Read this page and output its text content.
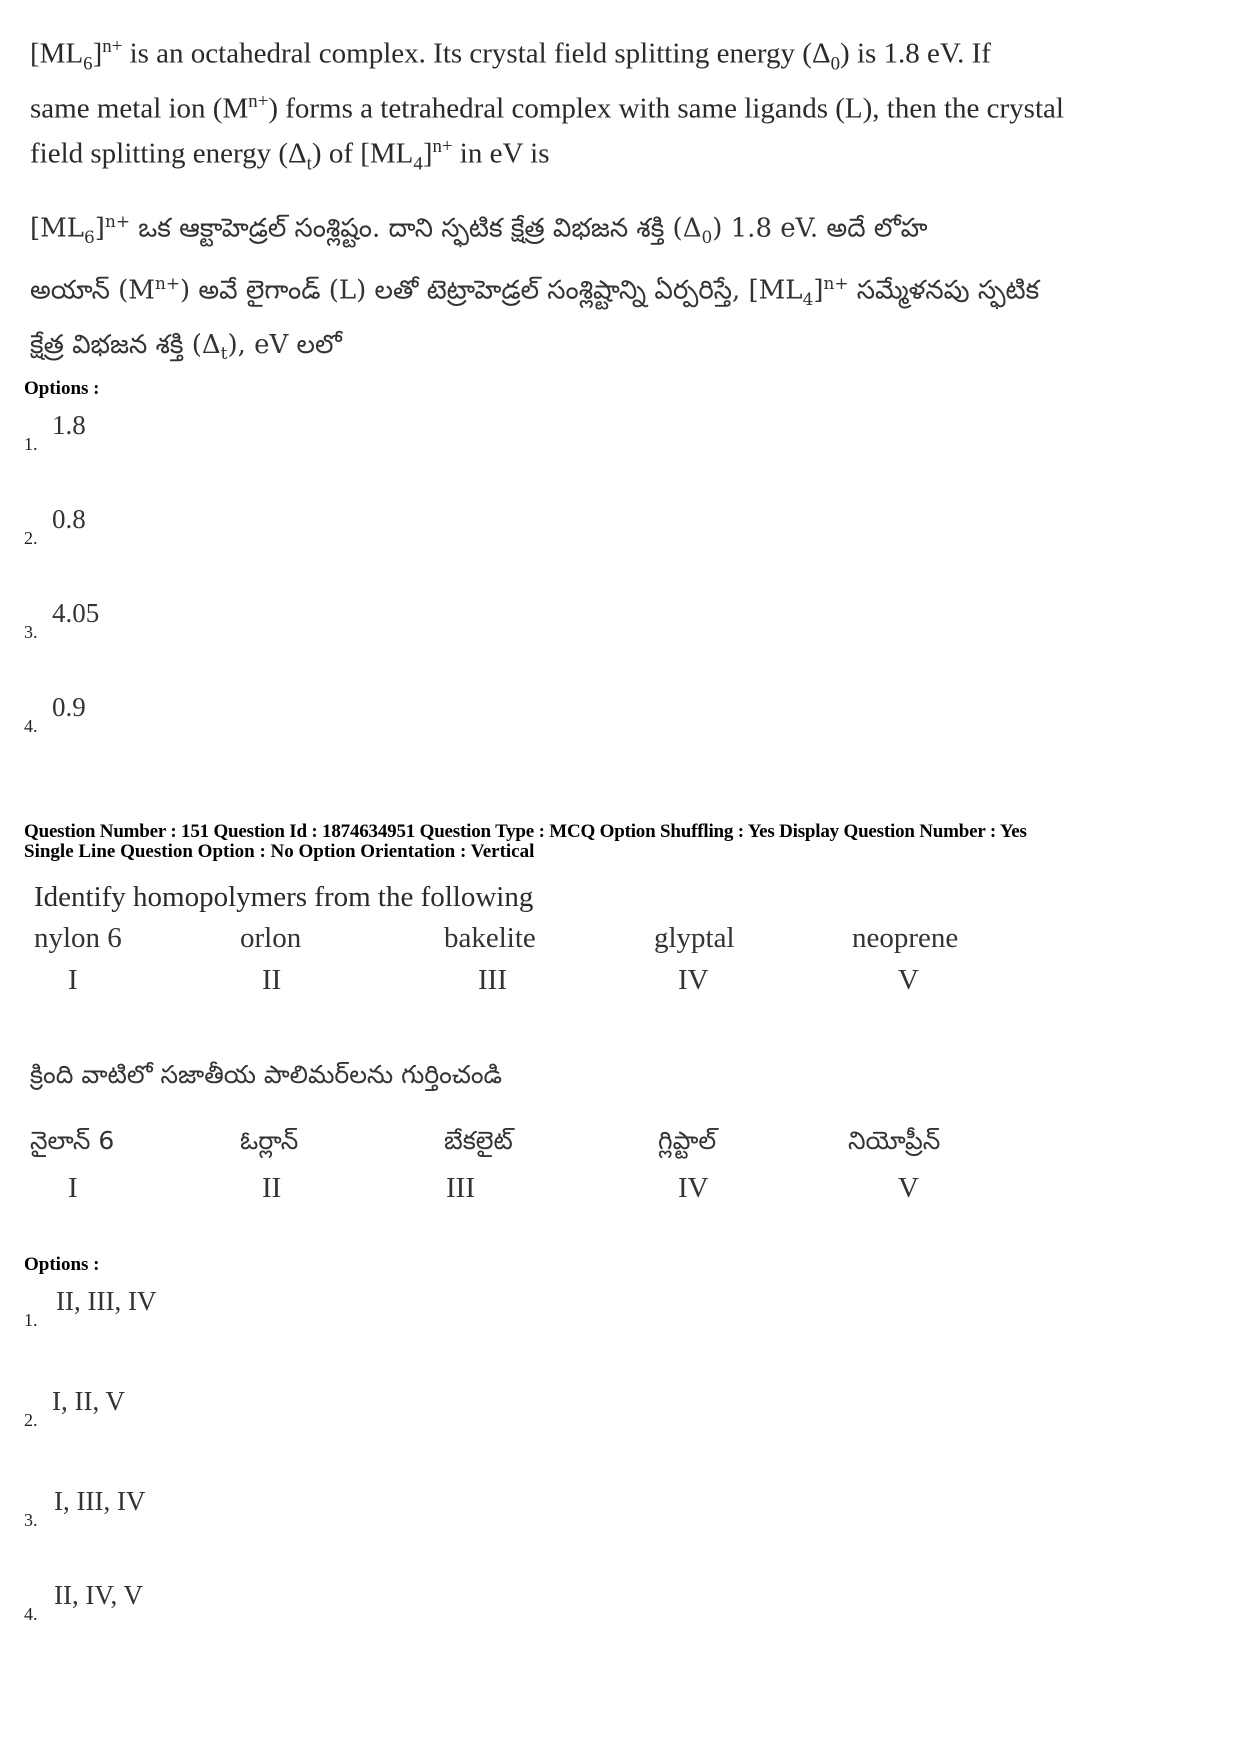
$[ML_6]^{n+}$ is an octahedral complex. Its crystal field splitting energy $(\Delta_0)$ is 1.8 eV. If
same metal ion $(M^{n+})$ forms a tetrahedral complex with same ligands (L), then the crystal
field splitting energy $(\Delta_t)$ of $[ML_4]^{n+}$ in eV is
$[ML_6]^{n+}$ ఒక ఆక్టాహెడ్రల్ సంశ్లిష్టం. దాని స్ఫటిక క్షేత్ర విభజన శక్తి $(\Delta_0)$ 1.8 eV. అదే లోహ
అయాన్ $(M^{n+})$ అవే లైగాండ్ (L) లతో టెట్రాహెడ్రల్ సంశ్లిష్టాన్ని ఏర్పరిస్తే, $[ML_4]^{n+}$ సమ్మేళనపు స్ఫటిక
క్షేత్ర విభజన శక్తి $(\Delta_t)$, eV లలో
Options :
1.
1.8
2.
0.8
3.
4.05
4.
0.9
Question Number : 151 Question Id : 1874634951 Question Type : MCQ Option Shuffling : Yes Display Question Number : Yes
Single Line Question Option : No Option Orientation : Vertical
Identify homopolymers from the following
nylon 6	orlon	bakelite	glyptal	neoprene
I	II	III	IV	V
క్రింది వాటిలో సజాతీయ పాలిమర్‌లను గుర్తించండి
నైలాన్ 6	ఓర్లాన్	బేకలైట్	గ్లిప్టాల్	నియోప్రీన్
I	II	III	IV	V
Options :
1.
II, III, IV
2.
I, II, V
3.
I, III, IV
4.
II, IV, V
